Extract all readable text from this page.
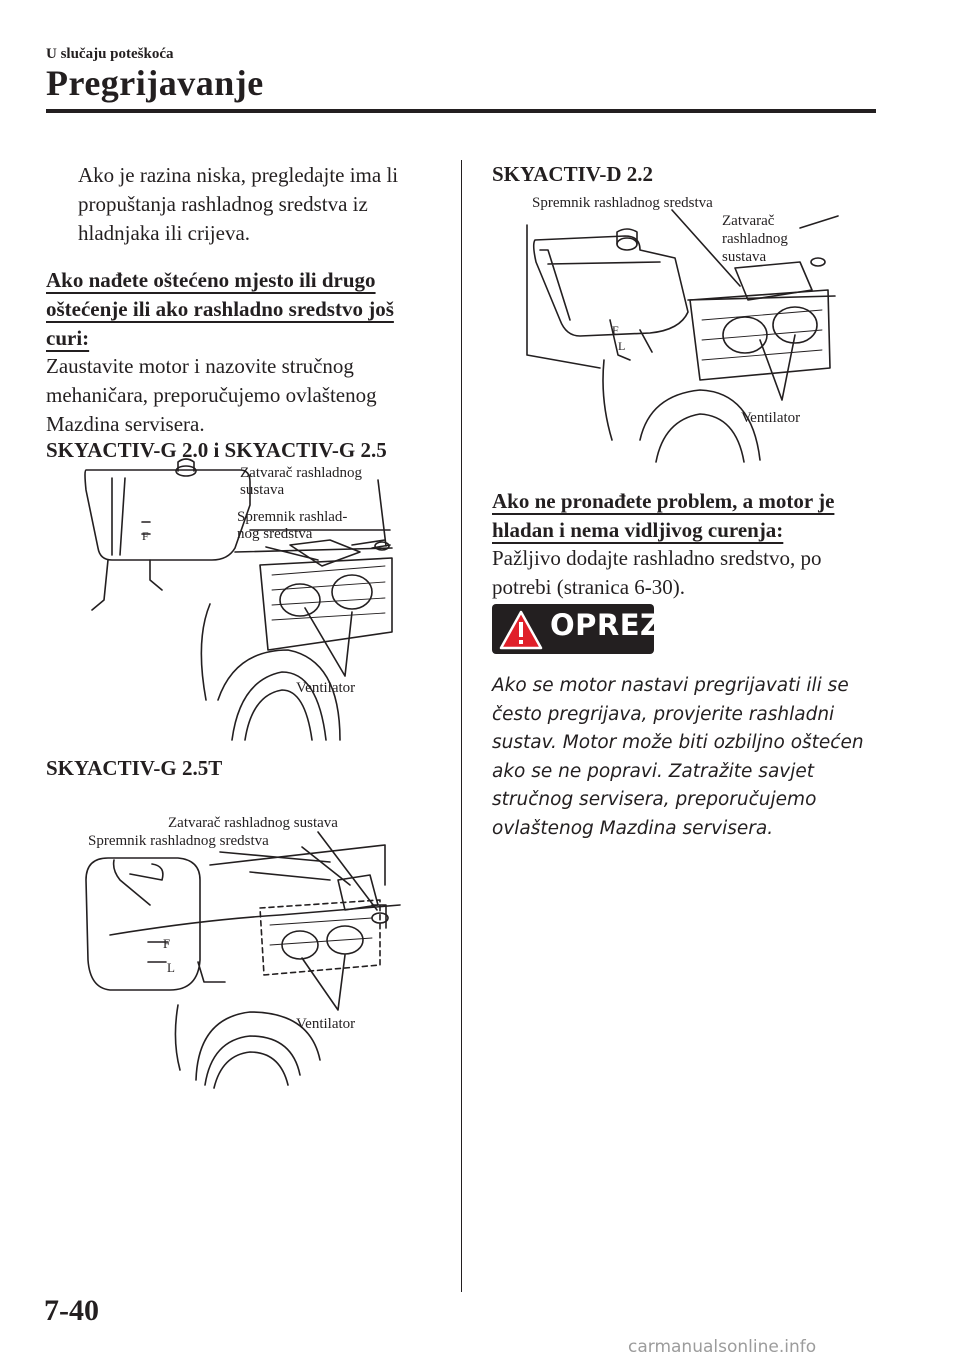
U slučaju poteškoća
Pregrijavanje
Ako je razina niska, pregledajte ima li propuštanja rashladnog sredstva iz hladnjaka ili crijeva.
Ako nađete oštećeno mjesto ili drugo oštećenje ili ako rashladno sredstvo još curi:
Zaustavite motor i nazovite stručnog mehaničara, preporučujemo ovlaštenog Mazdina servisera.
SKYACTIV-G 2.0 i SKYACTIV-G 2.5
SKYACTIV-G 2.5T
SKYACTIV-D 2.2
Ako ne pronađete problem, a motor je hladan i nema vidljivog curenja:
Pažljivo dodajte rashladno sredstvo, po potrebi (stranica 6-30).
OPREZ
Ako se motor nastavi pregrijavati ili se često pregrijava, provjerite rashladni sustav. Motor može biti ozbiljno oštećen ako se ne popravi. Zatražite savjet stručnog servisera, preporučujemo ovlaštenog Mazdina servisera.
F
F
L
F
L
Zatvarač rashladnog
sustava
Spremnik rashlad-
nog sredstva
Ventilator
Zatvarač rashladnog sustava
Spremnik rashladnog sredstva
Ventilator
Spremnik rashladnog sredstva
Zatvarač
rashladnog
sustava
Ventilator
7-40
carmanualsonline.info
